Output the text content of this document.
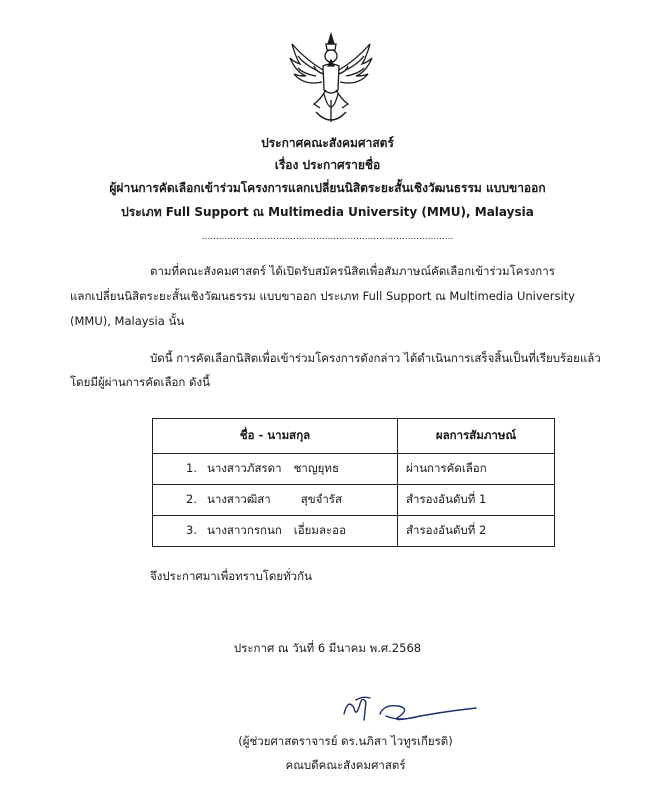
ประกาศคณะสังคมศาสตร์
เรื่อง ประกาศรายชื่อ
ผู้ผ่านการคัดเลือกเข้าร่วมโครงการแลกเปลี่ยนนิสิตระยะสั้นเชิงวัฒนธรรม แบบขาออก
ประเภท Full Support ณ Multimedia University (MMU), Malaysia
........................................................................................
ตามที่คณะสังคมศาสตร์ ได้เปิดรับสมัครนิสิตเพื่อสัมภาษณ์คัดเลือกเข้าร่วมโครงการ
แลกเปลี่ยนนิสิตระยะสั้นเชิงวัฒนธรรม แบบขาออก ประเภท Full Support ณ Multimedia University
(MMU), Malaysia นั้น
บัดนี้ การคัดเลือกนิสิตเพื่อเข้าร่วมโครงการดังกล่าว ได้ดำเนินการเสร็จสิ้นเป็นที่เรียบร้อยแล้ว
โดยมีผู้ผ่านการคัดเลือก ดังนี้
ชื่อ - นามสกุล	ผลการสัมภาษณ์
1. นางสาวภัสรดา ชาญยุทธ	ผ่านการคัดเลือก
2. นางสาวฒิสา สุขจำรัส	สำรองอันดับที่ 1
3. นางสาวกรกนก เอี่ยมละออ	สำรองอันดับที่ 2
จึงประกาศมาเพื่อทราบโดยทั่วกัน
ประกาศ ณ วันที่ 6 มีนาคม พ.ศ.2568
(ผู้ช่วยศาสตราจารย์ ดร.นภิสา ไวทูรเกียรติ)
คณบดีคณะสังคมศาสตร์
